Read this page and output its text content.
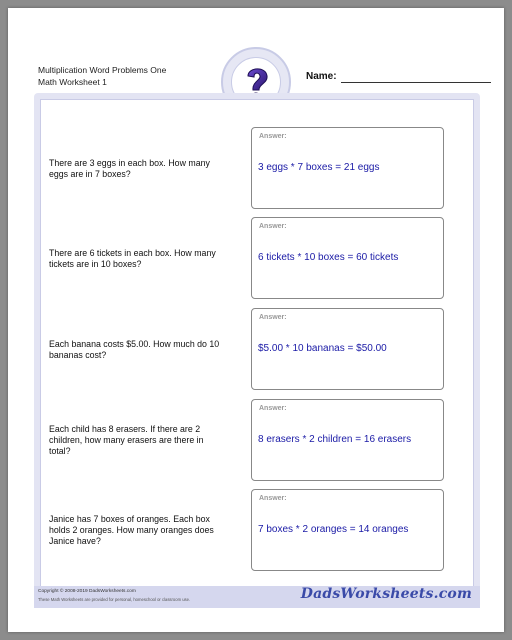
Multiplication Word Problems One
Math Worksheet 1	Name:
There are 3 eggs in each box. How many
eggs are in 7 boxes?
Answer:
3 eggs * 7 boxes = 21 eggs
There are 6 tickets in each box. How many
tickets are in 10 boxes?
Answer:
6 tickets * 10 boxes = 60 tickets
Each banana costs $5.00. How much do 10
bananas cost?
Answer:
$5.00 * 10 bananas = $50.00
Each child has 8 erasers. If there are 2
children, how many erasers are there in
total?
Answer:
8 erasers * 2 children = 16 erasers
Janice has 7 boxes of oranges. Each box
holds 2 oranges. How many oranges does
Janice have?
Answer:
7 boxes * 2 oranges = 14 oranges
Copyright © 2008-2019 DadsWorksheets.com
These Math Worksheets are provided for personal, homeschool or classroom use.	DadsWorksheets.com
